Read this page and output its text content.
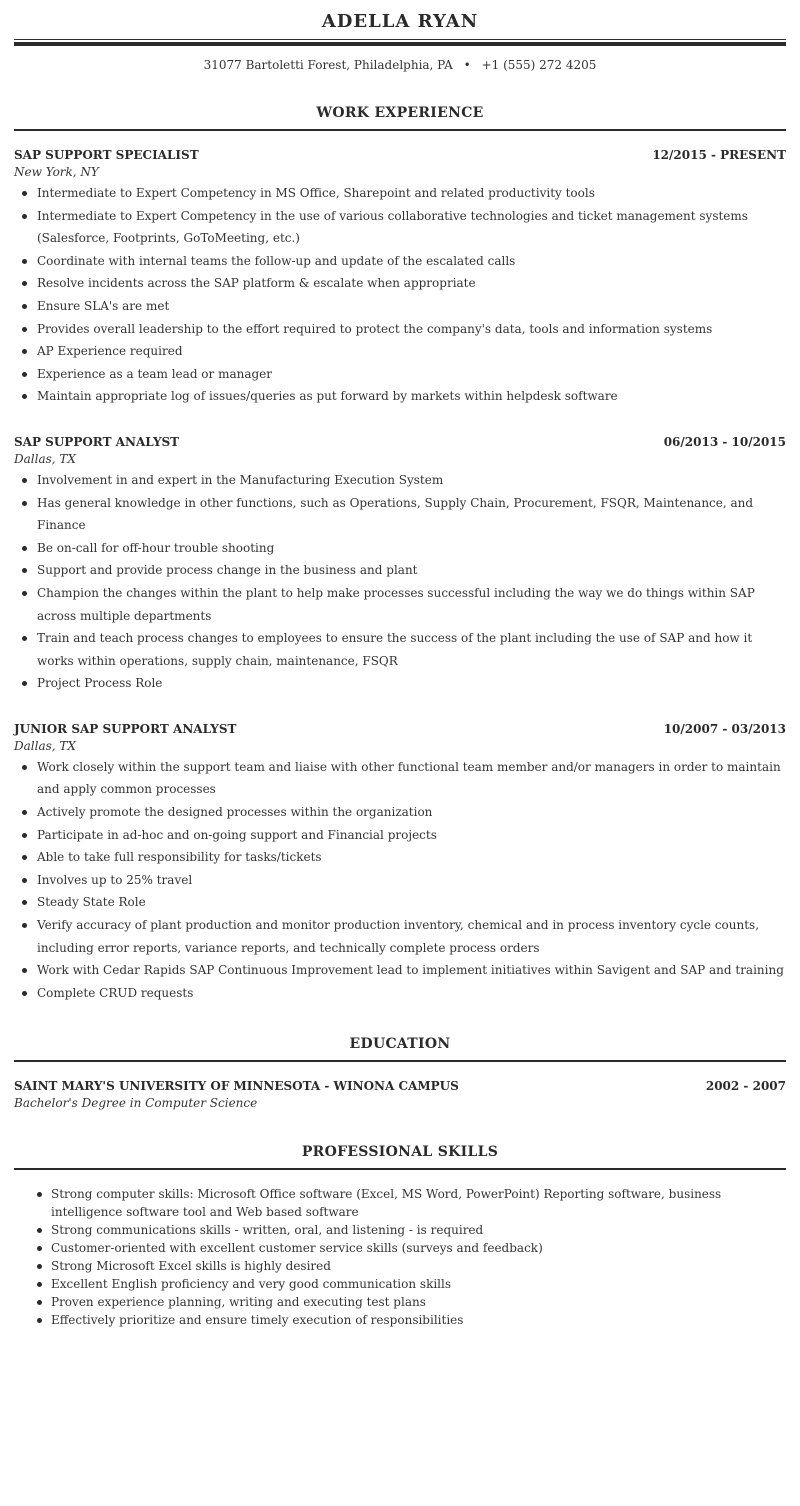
ADELLA RYAN
31077 Bartoletti Forest, Philadelphia, PA • +1 (555) 272 4205
WORK EXPERIENCE
SAP SUPPORT SPECIALIST	12/2015 - PRESENT
New York, NY
Intermediate to Expert Competency in MS Office, Sharepoint and related productivity tools
Intermediate to Expert Competency in the use of various collaborative technologies and ticket management systems (Salesforce, Footprints, GoToMeeting, etc.)
Coordinate with internal teams the follow-up and update of the escalated calls
Resolve incidents across the SAP platform & escalate when appropriate
Ensure SLA's are met
Provides overall leadership to the effort required to protect the company's data, tools and information systems
AP Experience required
Experience as a team lead or manager
Maintain appropriate log of issues/queries as put forward by markets within helpdesk software
SAP SUPPORT ANALYST	06/2013 - 10/2015
Dallas, TX
Involvement in and expert in the Manufacturing Execution System
Has general knowledge in other functions, such as Operations, Supply Chain, Procurement, FSQR, Maintenance, and Finance
Be on-call for off-hour trouble shooting
Support and provide process change in the business and plant
Champion the changes within the plant to help make processes successful including the way we do things within SAP across multiple departments
Train and teach process changes to employees to ensure the success of the plant including the use of SAP and how it works within operations, supply chain, maintenance, FSQR
Project Process Role
JUNIOR SAP SUPPORT ANALYST	10/2007 - 03/2013
Dallas, TX
Work closely within the support team and liaise with other functional team member and/or managers in order to maintain and apply common processes
Actively promote the designed processes within the organization
Participate in ad-hoc and on-going support and Financial projects
Able to take full responsibility for tasks/tickets
Involves up to 25% travel
Steady State Role
Verify accuracy of plant production and monitor production inventory, chemical and in process inventory cycle counts, including error reports, variance reports, and technically complete process orders
Work with Cedar Rapids SAP Continuous Improvement lead to implement initiatives within Savigent and SAP and training
Complete CRUD requests
EDUCATION
SAINT MARY'S UNIVERSITY OF MINNESOTA - WINONA CAMPUS	2002 - 2007
Bachelor's Degree in Computer Science
PROFESSIONAL SKILLS
Strong computer skills: Microsoft Office software (Excel, MS Word, PowerPoint) Reporting software, business intelligence software tool and Web based software
Strong communications skills - written, oral, and listening - is required
Customer-oriented with excellent customer service skills (surveys and feedback)
Strong Microsoft Excel skills is highly desired
Excellent English proficiency and very good communication skills
Proven experience planning, writing and executing test plans
Effectively prioritize and ensure timely execution of responsibilities
